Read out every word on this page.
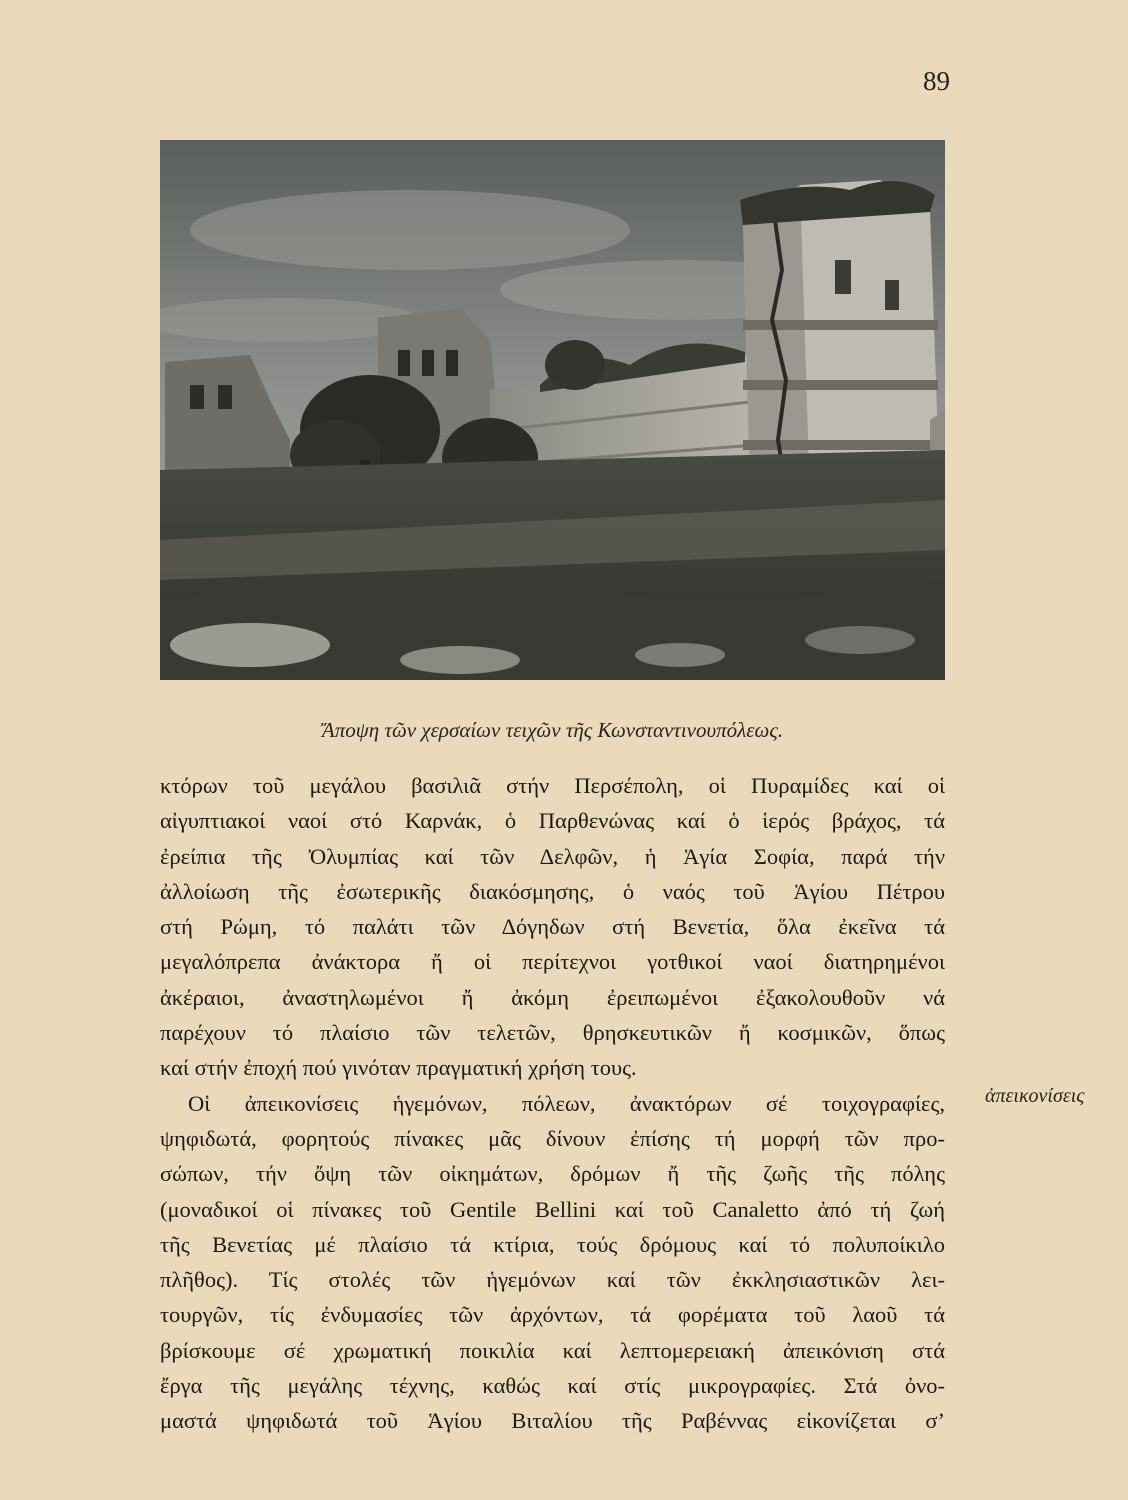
89
Ἄποψη τῶν χερσαίων τειχῶν τῆς Κωνσταντινουπόλεως.
κτόρων τοῦ μεγάλου βασιλιᾶ στήν Περσέπολη, οἱ Πυραμίδες καί οἱ
αἰγυπτιακοί ναοί στό Καρνάκ, ὁ Παρθενώνας καί ὁ ἱερός βράχος, τά
ἐρείπια τῆς Ὀλυμπίας καί τῶν Δελφῶν, ἡ Ἁγία Σοφία, παρά τήν
ἀλλοίωση τῆς ἐσωτερικῆς διακόσμησης, ὁ ναός τοῦ Ἁγίου Πέτρου
στή Ρώμη, τό παλάτι τῶν Δόγηδων στή Βενετία, ὅλα ἐκεῖνα τά
μεγαλόπρεπα ἀνάκτορα ἤ οἱ περίτεχνοι γοτθικοί ναοί διατηρημένοι
ἀκέραιοι, ἀναστηλωμένοι ἤ ἀκόμη ἐρειπωμένοι ἐξακολουθοῦν νά
παρέχουν τό πλαίσιο τῶν τελετῶν, θρησκευτικῶν ἤ κοσμικῶν, ὅπως
καί στήν ἐποχή πού γινόταν πραγματική χρήση τους.
Οἱ ἀπεικονίσεις ἡγεμόνων, πόλεων, ἀνακτόρων σέ τοιχογραφίες,
ψηφιδωτά, φορητούς πίνακες μᾶς δίνουν ἐπίσης τή μορφή τῶν προ-
σώπων, τήν ὄψη τῶν οἰκημάτων, δρόμων ἤ τῆς ζωῆς τῆς πόλης
(μοναδικοί οἱ πίνακες τοῦ Gentile Bellini καί τοῦ Canaletto ἀπό τή ζωή
τῆς Βενετίας μέ πλαίσιο τά κτίρια, τούς δρόμους καί τό πολυποίκιλο
πλῆθος). Τίς στολές τῶν ἡγεμόνων καί τῶν ἐκκλησιαστικῶν λει-
τουργῶν, τίς ἐνδυμασίες τῶν ἀρχόντων, τά φορέματα τοῦ λαοῦ τά
βρίσκουμε σέ χρωματική ποικιλία καί λεπτομερειακή ἀπεικόνιση στά
ἔργα τῆς μεγάλης τέχνης, καθώς καί στίς μικρογραφίες. Στά ὀνο-
μαστά ψηφιδωτά τοῦ Ἁγίου Βιταλίου τῆς Ραβέννας εἰκονίζεται σ’
ἀπεικονίσεις
